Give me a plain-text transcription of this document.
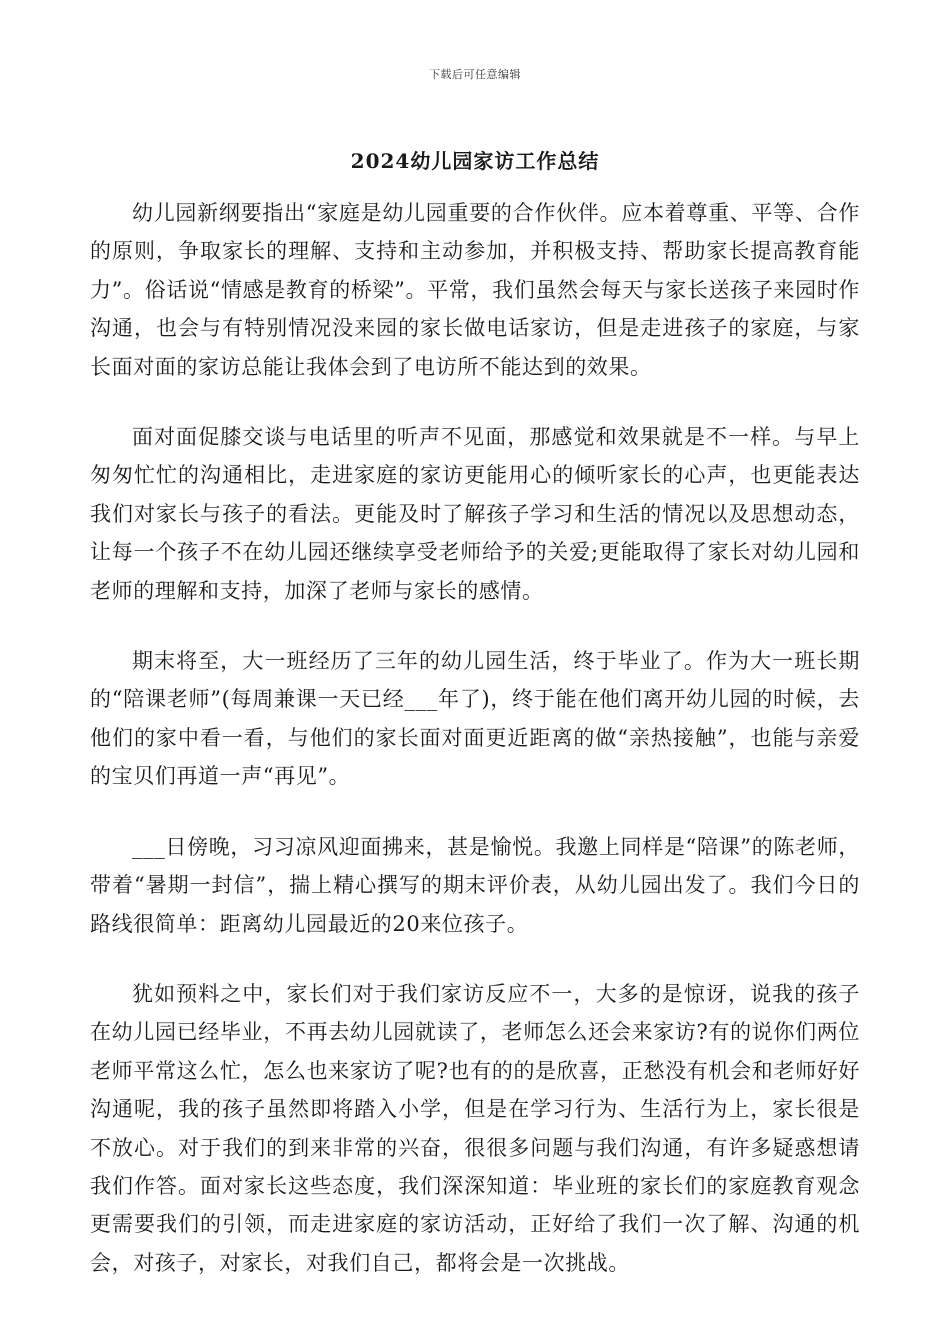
下载后可任意编辑
2024幼儿园家访工作总结

幼儿园新纲要指出“家庭是幼儿园重要的合作伙伴。应本着尊重、平等、合作的原则，争取家长的理解、支持和主动参加，并积极支持、帮助家长提高教育能力”。俗话说“情感是教育的桥梁”。平常，我们虽然会每天与家长送孩子来园时作沟通，也会与有特别情况没来园的家长做电话家访，但是走进孩子的家庭，与家长面对面的家访总能让我体会到了电访所不能达到的效果。

面对面促膝交谈与电话里的听声不见面，那感觉和效果就是不一样。与早上匆匆忙忙的沟通相比，走进家庭的家访更能用心的倾听家长的心声，也更能表达我们对家长与孩子的看法。更能及时了解孩子学习和生活的情况以及思想动态，让每一个孩子不在幼儿园还继续享受老师给予的关爱;更能取得了家长对幼儿园和老师的理解和支持，加深了老师与家长的感情。

期末将至，大一班经历了三年的幼儿园生活，终于毕业了。作为大一班长期的“陪课老师”(每周兼课一天已经___年了)，终于能在他们离开幼儿园的时候，去他们的家中看一看，与他们的家长面对面更近距离的做“亲热接触”，也能与亲爱的宝贝们再道一声“再见”。

___日傍晚，习习凉风迎面拂来，甚是愉悦。我邀上同样是“陪课”的陈老师，带着“暑期一封信”，揣上精心撰写的期末评价表，从幼儿园出发了。我们今日的路线很简单：距离幼儿园最近的20来位孩子。

犹如预料之中，家长们对于我们家访反应不一，大多的是惊讶，说我的孩子在幼儿园已经毕业，不再去幼儿园就读了，老师怎么还会来家访?有的说你们两位老师平常这么忙，怎么也来家访了呢?也有的的是欣喜，正愁没有机会和老师好好沟通呢，我的孩子虽然即将踏入小学，但是在学习行为、生活行为上，家长很是不放心。对于我们的到来非常的兴奋，很很多问题与我们沟通，有许多疑惑想请我们作答。面对家长这些态度，我们深深知道：毕业班的家长们的家庭教育观念更需要我们的引领，而走进家庭的家访活动，正好给了我们一次了解、沟通的机会，对孩子，对家长，对我们自己，都将会是一次挑战。
